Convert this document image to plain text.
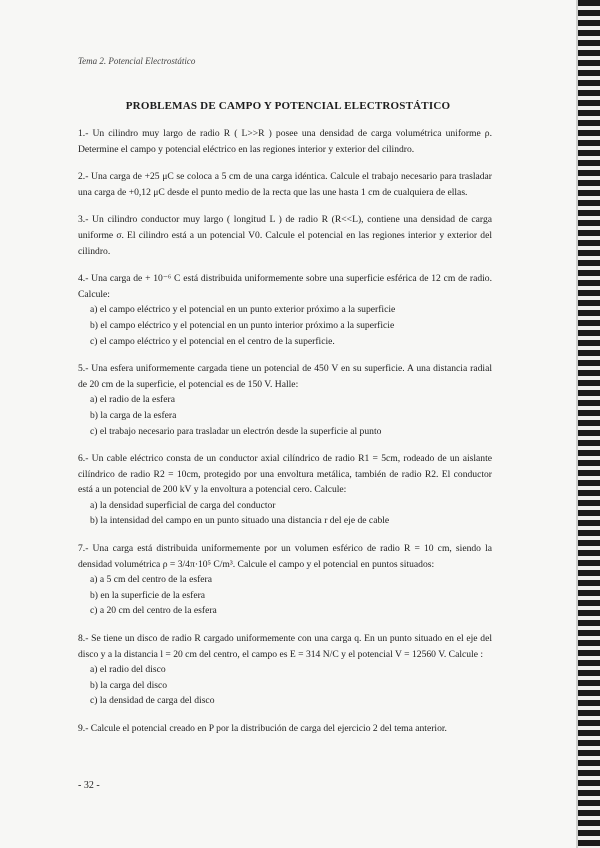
Tema 2. Potencial Electrostático
PROBLEMAS DE CAMPO Y POTENCIAL ELECTROSTÁTICO

1.- Un cilindro muy largo de radio R ( L>>R ) posee una densidad de carga volumétrica uniforme ρ. Determine el campo y potencial eléctrico en las regiones interior y exterior del cilindro.

2.- Una carga de +25 μC se coloca a 5 cm de una carga idéntica. Calcule el trabajo necesario para trasladar una carga de +0,12 μC desde el punto medio de la recta que las une hasta 1 cm de cualquiera de ellas.

3.- Un cilindro conductor muy largo ( longitud L ) de radio R (R<<L), contiene una densidad de carga uniforme σ. El cilindro está a un potencial V0. Calcule el potencial en las regiones interior y exterior del cilindro.

4.- Una carga de + 10⁻⁶ C está distribuida uniformemente sobre una superficie esférica de 12 cm de radio. Calcule:

a) el campo eléctrico y el potencial en un punto exterior próximo a la superficie
b) el campo eléctrico y el potencial en un punto interior próximo a la superficie
c) el campo eléctrico y el potencial en el centro de la superficie.

5.- Una esfera uniformemente cargada tiene un potencial de 450 V en su superficie. A una distancia radial de 20 cm de la superficie, el potencial es de 150 V. Halle:

a) el radio de la esfera
b) la carga de la esfera
c) el trabajo necesario para trasladar un electrón desde la superficie al punto

6.- Un cable eléctrico consta de un conductor axial cilíndrico de radio R1 = 5cm, rodeado de un aislante cilíndrico de radio R2 = 10cm, protegido por una envoltura metálica, también de radio R2. El conductor está a un potencial de 200 kV y la envoltura a potencial cero. Calcule:

a) la densidad superficial de carga del conductor
b) la intensidad del campo en un punto situado una distancia r del eje de cable

7.- Una carga está distribuida uniformemente por un volumen esférico de radio R = 10 cm, siendo la densidad volumétrica ρ = 3/4π·10⁵ C/m³. Calcule el campo y el potencial en puntos situados:

a) a 5 cm del centro de la esfera
b) en la superficie de la esfera
c) a 20 cm del centro de la esfera

8.- Se tiene un disco de radio R cargado uniformemente con una carga q. En un punto situado en el eje del disco y a la distancia l = 20 cm del centro, el campo es E = 314 N/C y el potencial V = 12560 V. Calcule :

a) el radio del disco
b) la carga del disco
c) la densidad de carga del disco

9.- Calcule el potencial creado en P por la distribución de carga del ejercicio 2 del tema anterior.

- 32 -
